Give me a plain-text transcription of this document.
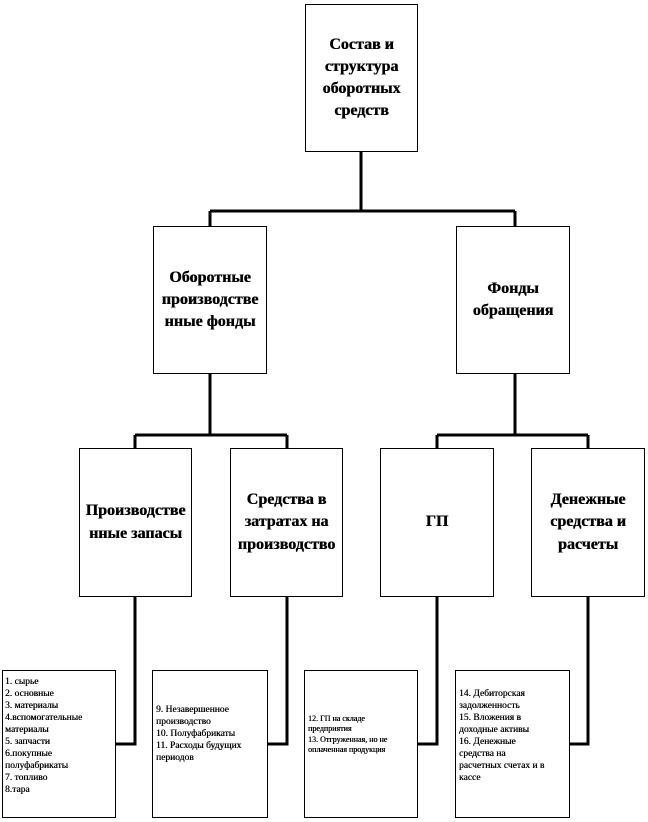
Состав и
структура
оборотных
средств
Оборотные
производстве
нные фонды
Фонды
обращения
Производстве
нные запасы
Средства в
затратах на
производство
ГП
Денежные
средства и
расчеты
1. сырье
2. основные
3. материалы
4.вспомогательные
материалы
5. запчасти
6.покупные
полуфабрикаты
7. топливо
8.тара
9. Незавершенное
производство
10. Полуфабрикаты
11. Расходы будущих
периодов
12. ГП на складе
предприятия
13. Отгруженная, но не
оплаченная продукция
14. Дебиторская
задолженность
15. Вложения в
доходные активы
16. Денежные
средства на
расчетных счетах и в
кассе
